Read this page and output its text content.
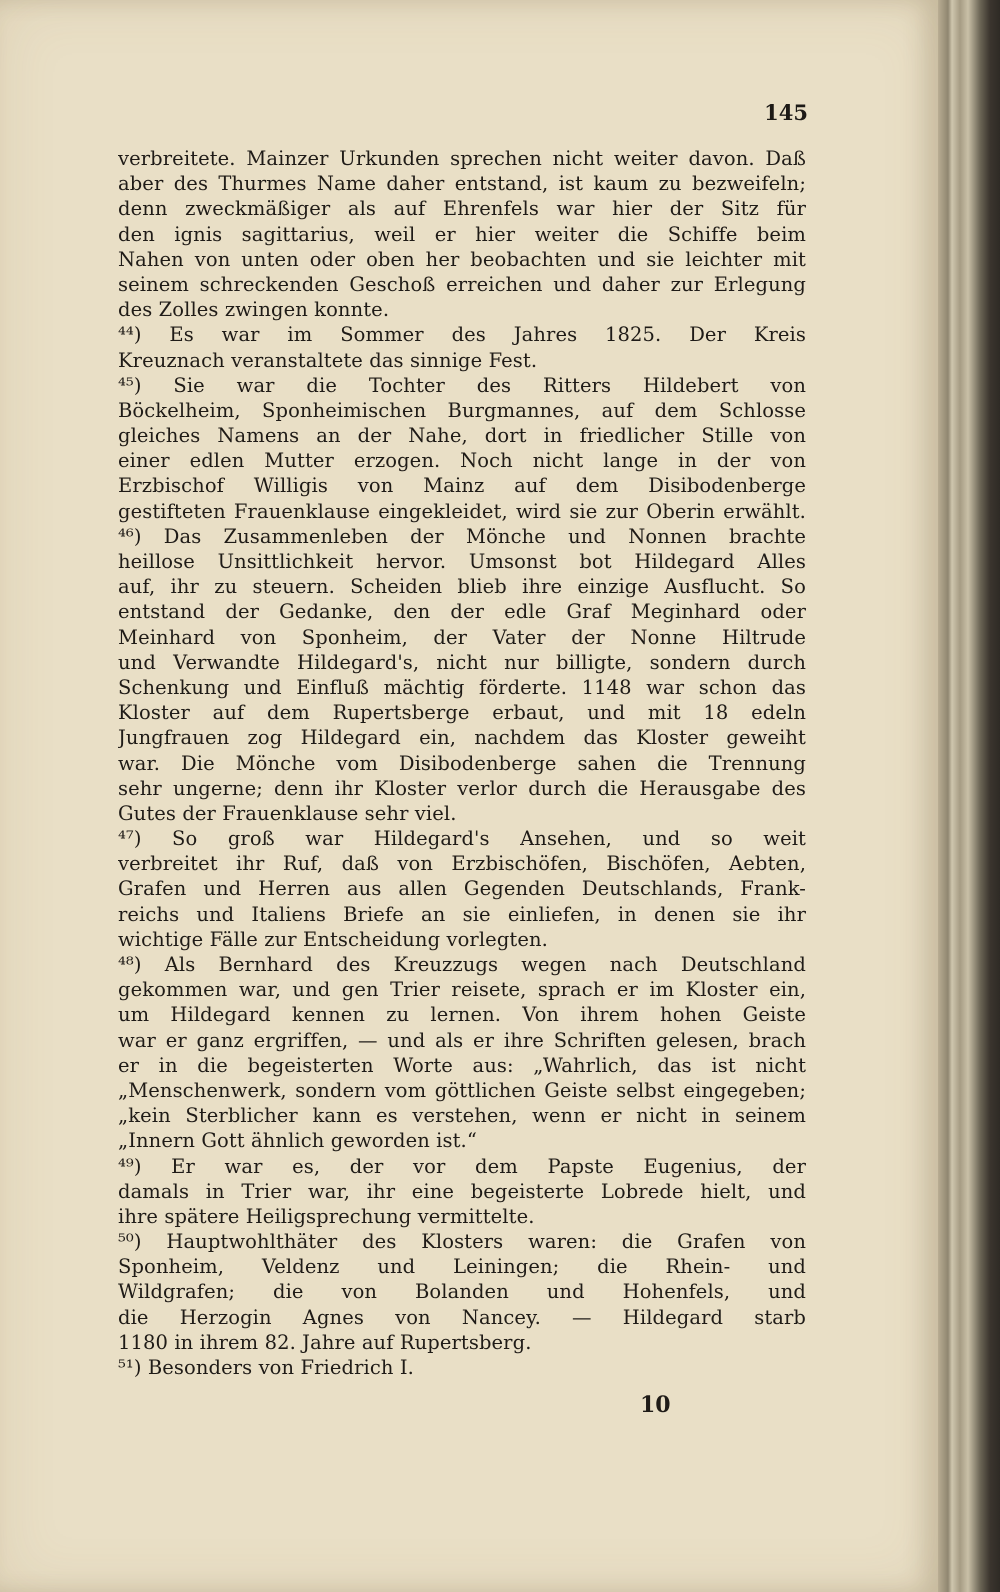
145
verbreitete. Mainzer Urkunden sprechen nicht weiter davon. Daß
aber des Thurmes Name daher entstand, ist kaum zu bezweifeln;
denn zweckmäßiger als auf Ehrenfels war hier der Sitz für
den ignis sagittarius, weil er hier weiter die Schiffe beim
Nahen von unten oder oben her beobachten und sie leichter mit
seinem schreckenden Geschoß erreichen und daher zur Erlegung
des Zolles zwingen konnte.
⁴⁴) Es war im Sommer des Jahres 1825. Der Kreis
Kreuznach veranstaltete das sinnige Fest.
⁴⁵) Sie war die Tochter des Ritters Hildebert von
Böckelheim, Sponheimischen Burgmannes, auf dem Schlosse
gleiches Namens an der Nahe, dort in friedlicher Stille von
einer edlen Mutter erzogen. Noch nicht lange in der von
Erzbischof Willigis von Mainz auf dem Disibodenberge
gestifteten Frauenklause eingekleidet, wird sie zur Oberin erwählt.
⁴⁶) Das Zusammenleben der Mönche und Nonnen brachte
heillose Unsittlichkeit hervor. Umsonst bot Hildegard Alles
auf, ihr zu steuern. Scheiden blieb ihre einzige Ausflucht. So
entstand der Gedanke, den der edle Graf Meginhard oder
Meinhard von Sponheim, der Vater der Nonne Hiltrude
und Verwandte Hildegard's, nicht nur billigte, sondern durch
Schenkung und Einfluß mächtig förderte. 1148 war schon das
Kloster auf dem Rupertsberge erbaut, und mit 18 edeln
Jungfrauen zog Hildegard ein, nachdem das Kloster geweiht
war. Die Mönche vom Disibodenberge sahen die Trennung
sehr ungerne; denn ihr Kloster verlor durch die Herausgabe des
Gutes der Frauenklause sehr viel.
⁴⁷) So groß war Hildegard's Ansehen, und so weit
verbreitet ihr Ruf, daß von Erzbischöfen, Bischöfen, Aebten,
Grafen und Herren aus allen Gegenden Deutschlands, Frank-
reichs und Italiens Briefe an sie einliefen, in denen sie ihr
wichtige Fälle zur Entscheidung vorlegten.
⁴⁸) Als Bernhard des Kreuzzugs wegen nach Deutschland
gekommen war, und gen Trier reisete, sprach er im Kloster ein,
um Hildegard kennen zu lernen. Von ihrem hohen Geiste
war er ganz ergriffen, — und als er ihre Schriften gelesen, brach
er in die begeisterten Worte aus: „Wahrlich, das ist nicht
„Menschenwerk, sondern vom göttlichen Geiste selbst eingegeben;
„kein Sterblicher kann es verstehen, wenn er nicht in seinem
„Innern Gott ähnlich geworden ist.“
⁴⁹) Er war es, der vor dem Papste Eugenius, der
damals in Trier war, ihr eine begeisterte Lobrede hielt, und
ihre spätere Heiligsprechung vermittelte.
⁵⁰) Hauptwohlthäter des Klosters waren: die Grafen von
Sponheim, Veldenz und Leiningen; die Rhein- und
Wildgrafen; die von Bolanden und Hohenfels, und
die Herzogin Agnes von Nancey. — Hildegard starb
1180 in ihrem 82. Jahre auf Rupertsberg.
⁵¹) Besonders von Friedrich I.
10
